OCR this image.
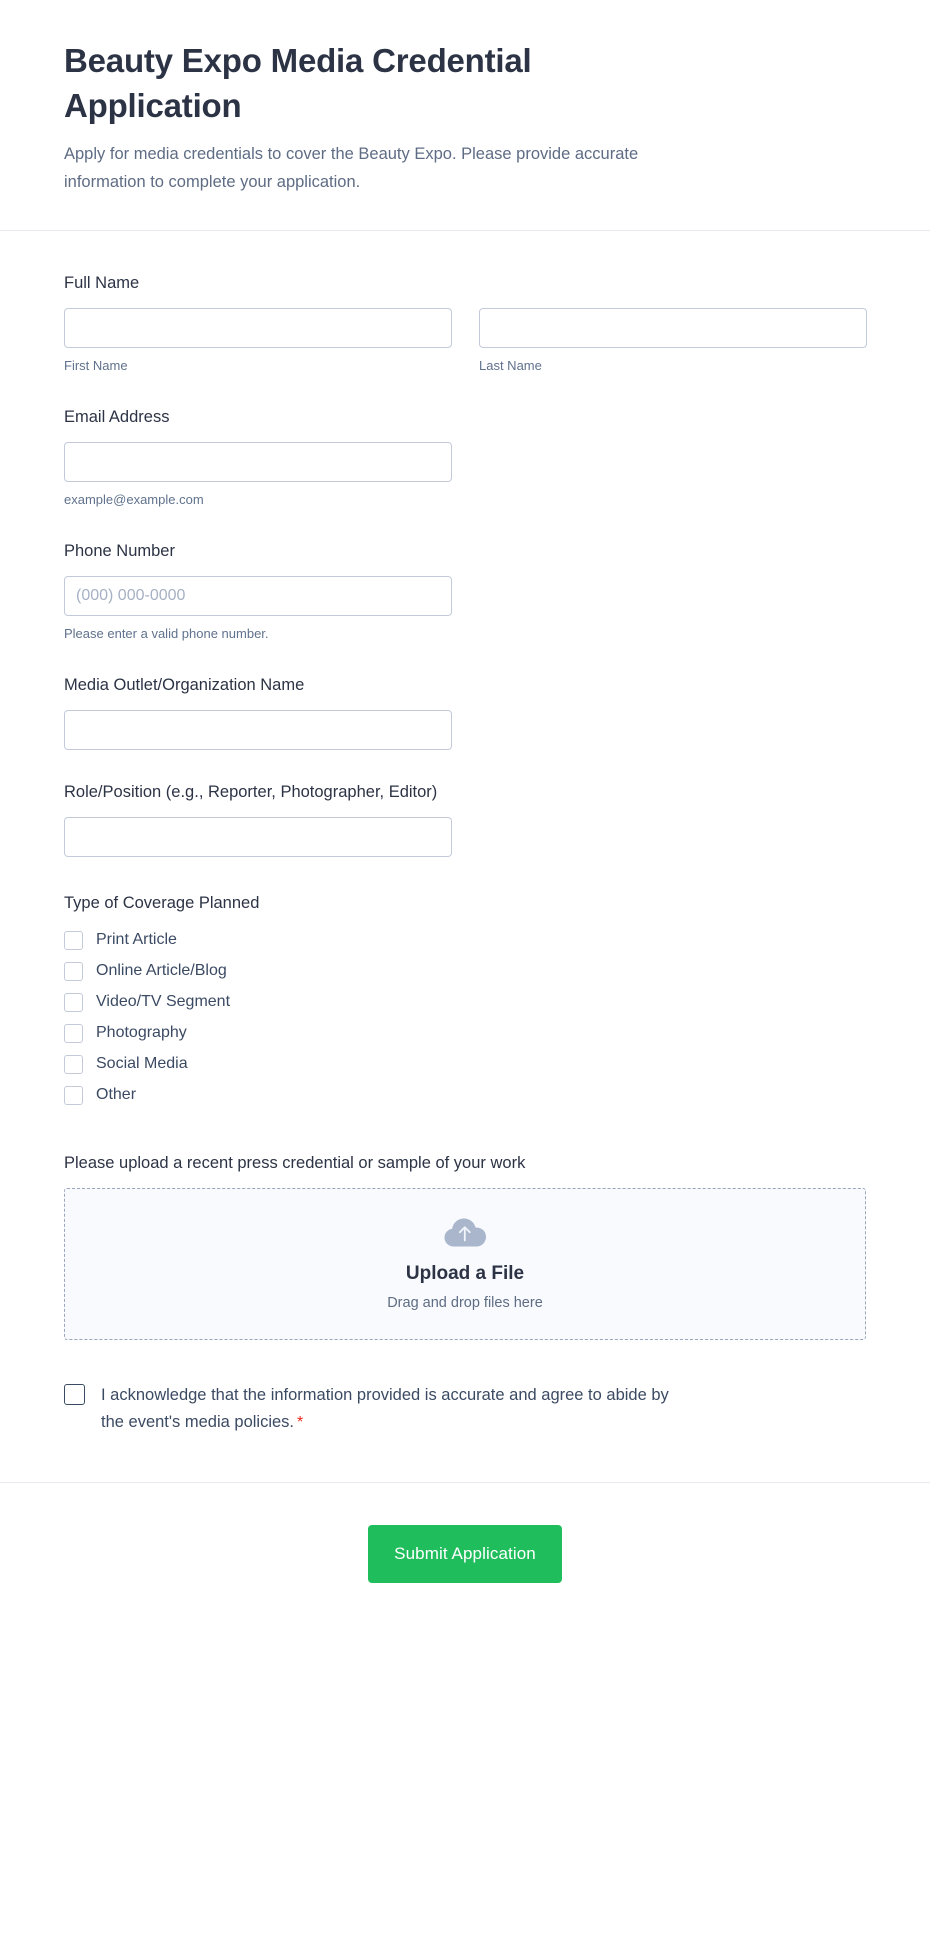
Beauty Expo Media Credential Application

Apply for media credentials to cover the Beauty Expo. Please provide accurate information to complete your application.

Full Name
First Name	Last Name
Email Address
example@example.com
Phone Number
(000) 000-0000
Please enter a valid phone number.
Media Outlet/Organization Name
Role/Position (e.g., Reporter, Photographer, Editor)
Type of Coverage Planned
Print Article
Online Article/Blog
Video/TV Segment
Photography
Social Media
Other
Please upload a recent press credential or sample of your work
Upload a File
Drag and drop files here
I acknowledge that the information provided is accurate and agree to abide by the event's media policies. *
Submit Application
